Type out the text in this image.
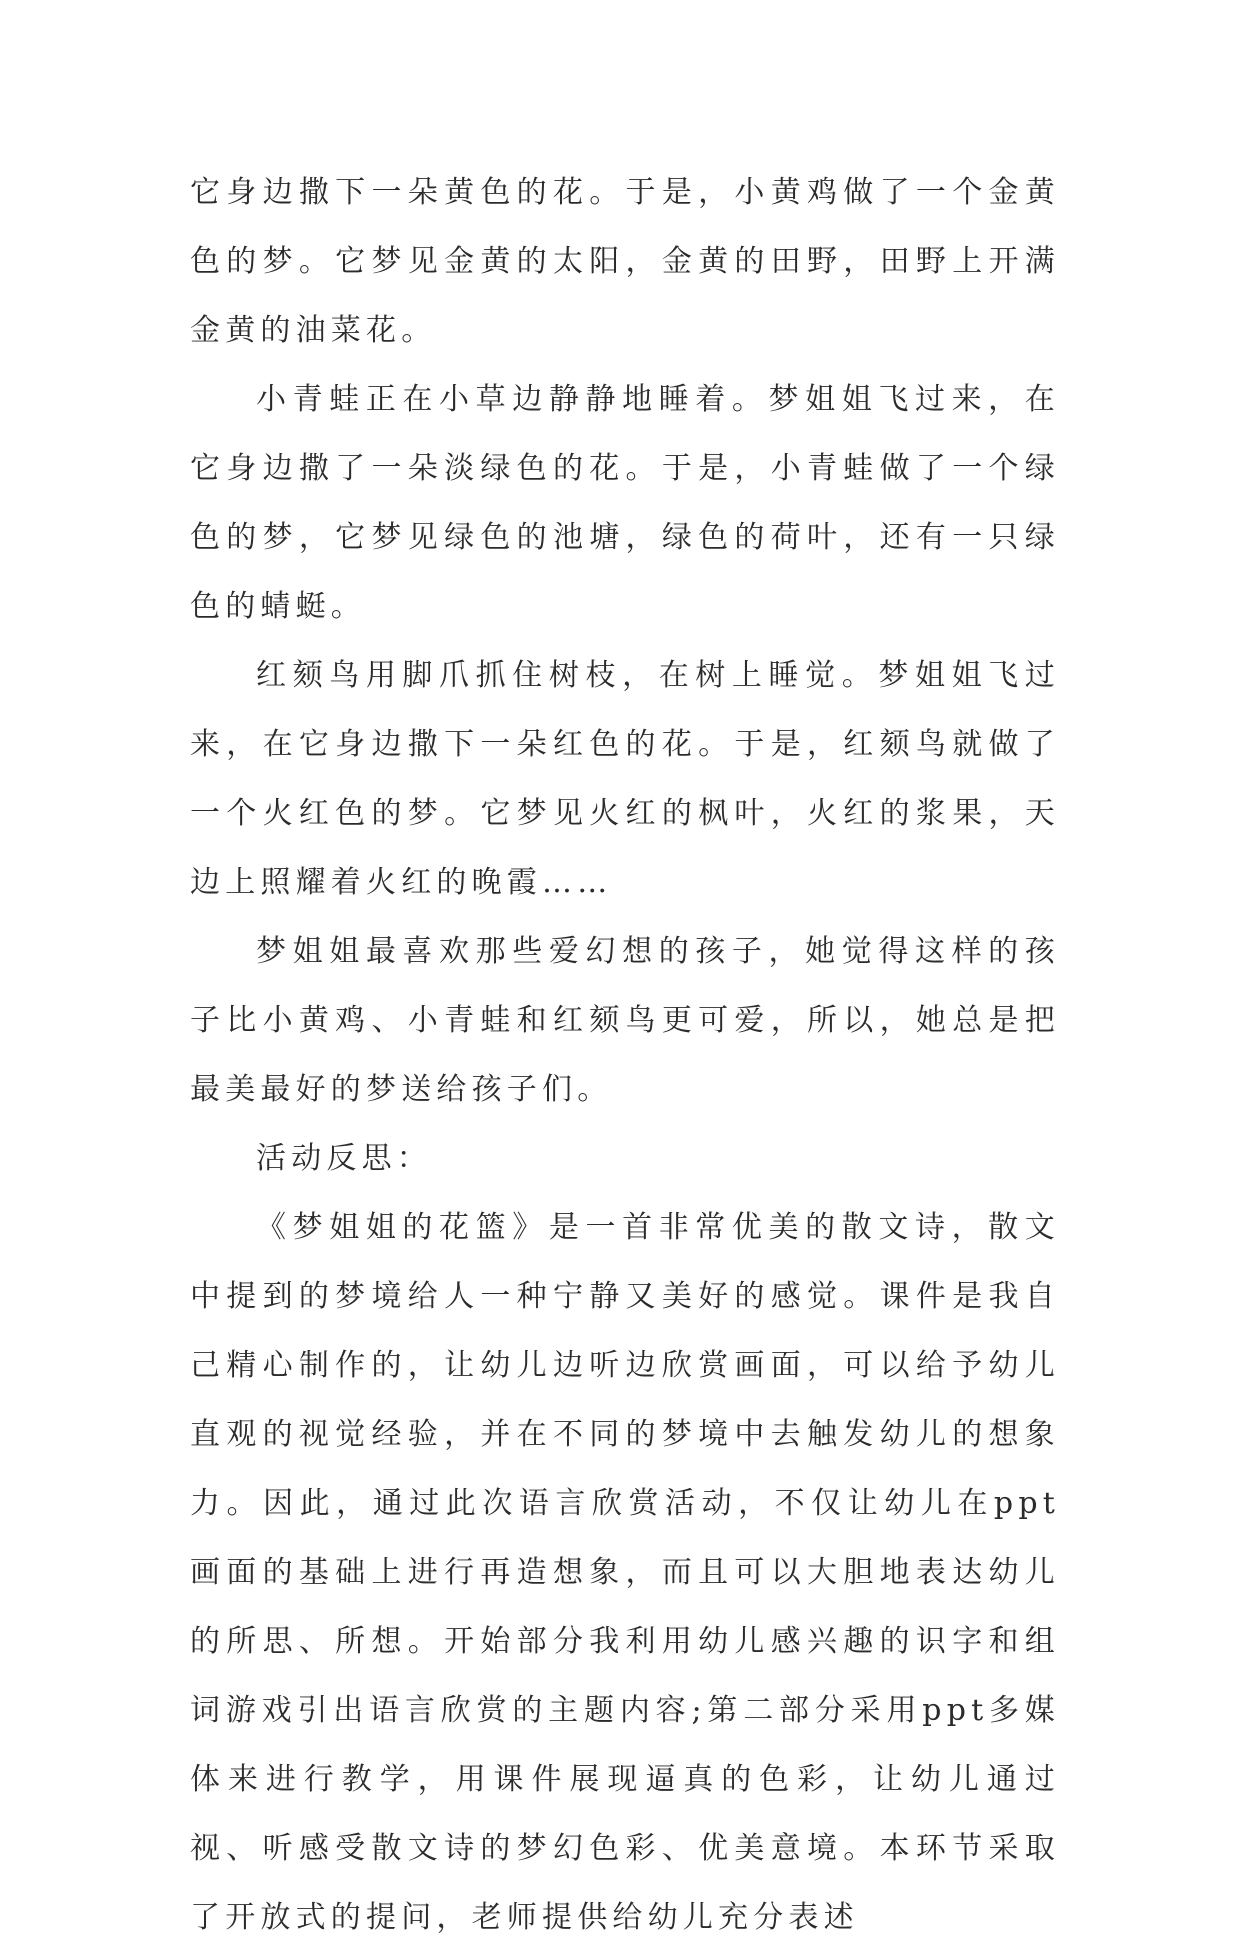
它身边撒下一朵黄色的花。于是，小黄鸡做了一个金黄色的梦。它梦见金黄的太阳，金黄的田野，田野上开满金黄的油菜花。

小青蛙正在小草边静静地睡着。梦姐姐飞过来，在它身边撒了一朵淡绿色的花。于是，小青蛙做了一个绿色的梦，它梦见绿色的池塘，绿色的荷叶，还有一只绿色的蜻蜓。

红颏鸟用脚爪抓住树枝，在树上睡觉。梦姐姐飞过来，在它身边撒下一朵红色的花。于是，红颏鸟就做了一个火红色的梦。它梦见火红的枫叶，火红的浆果，天边上照耀着火红的晚霞……

梦姐姐最喜欢那些爱幻想的孩子，她觉得这样的孩子比小黄鸡、小青蛙和红颏鸟更可爱，所以，她总是把最美最好的梦送给孩子们。

活动反思：

《梦姐姐的花篮》是一首非常优美的散文诗，散文中提到的梦境给人一种宁静又美好的感觉。课件是我自己精心制作的，让幼儿边听边欣赏画面，可以给予幼儿直观的视觉经验，并在不同的梦境中去触发幼儿的想象力。因此，通过此次语言欣赏活动，不仅让幼儿在ppt画面的基础上进行再造想象，而且可以大胆地表达幼儿的所思、所想。开始部分我利用幼儿感兴趣的识字和组词游戏引出语言欣赏的主题内容;第二部分采用ppt多媒体来进行教学，用课件展现逼真的色彩，让幼儿通过视、听感受散文诗的梦幻色彩、优美意境。本环节采取了开放式的提问，老师提供给幼儿充分表述
